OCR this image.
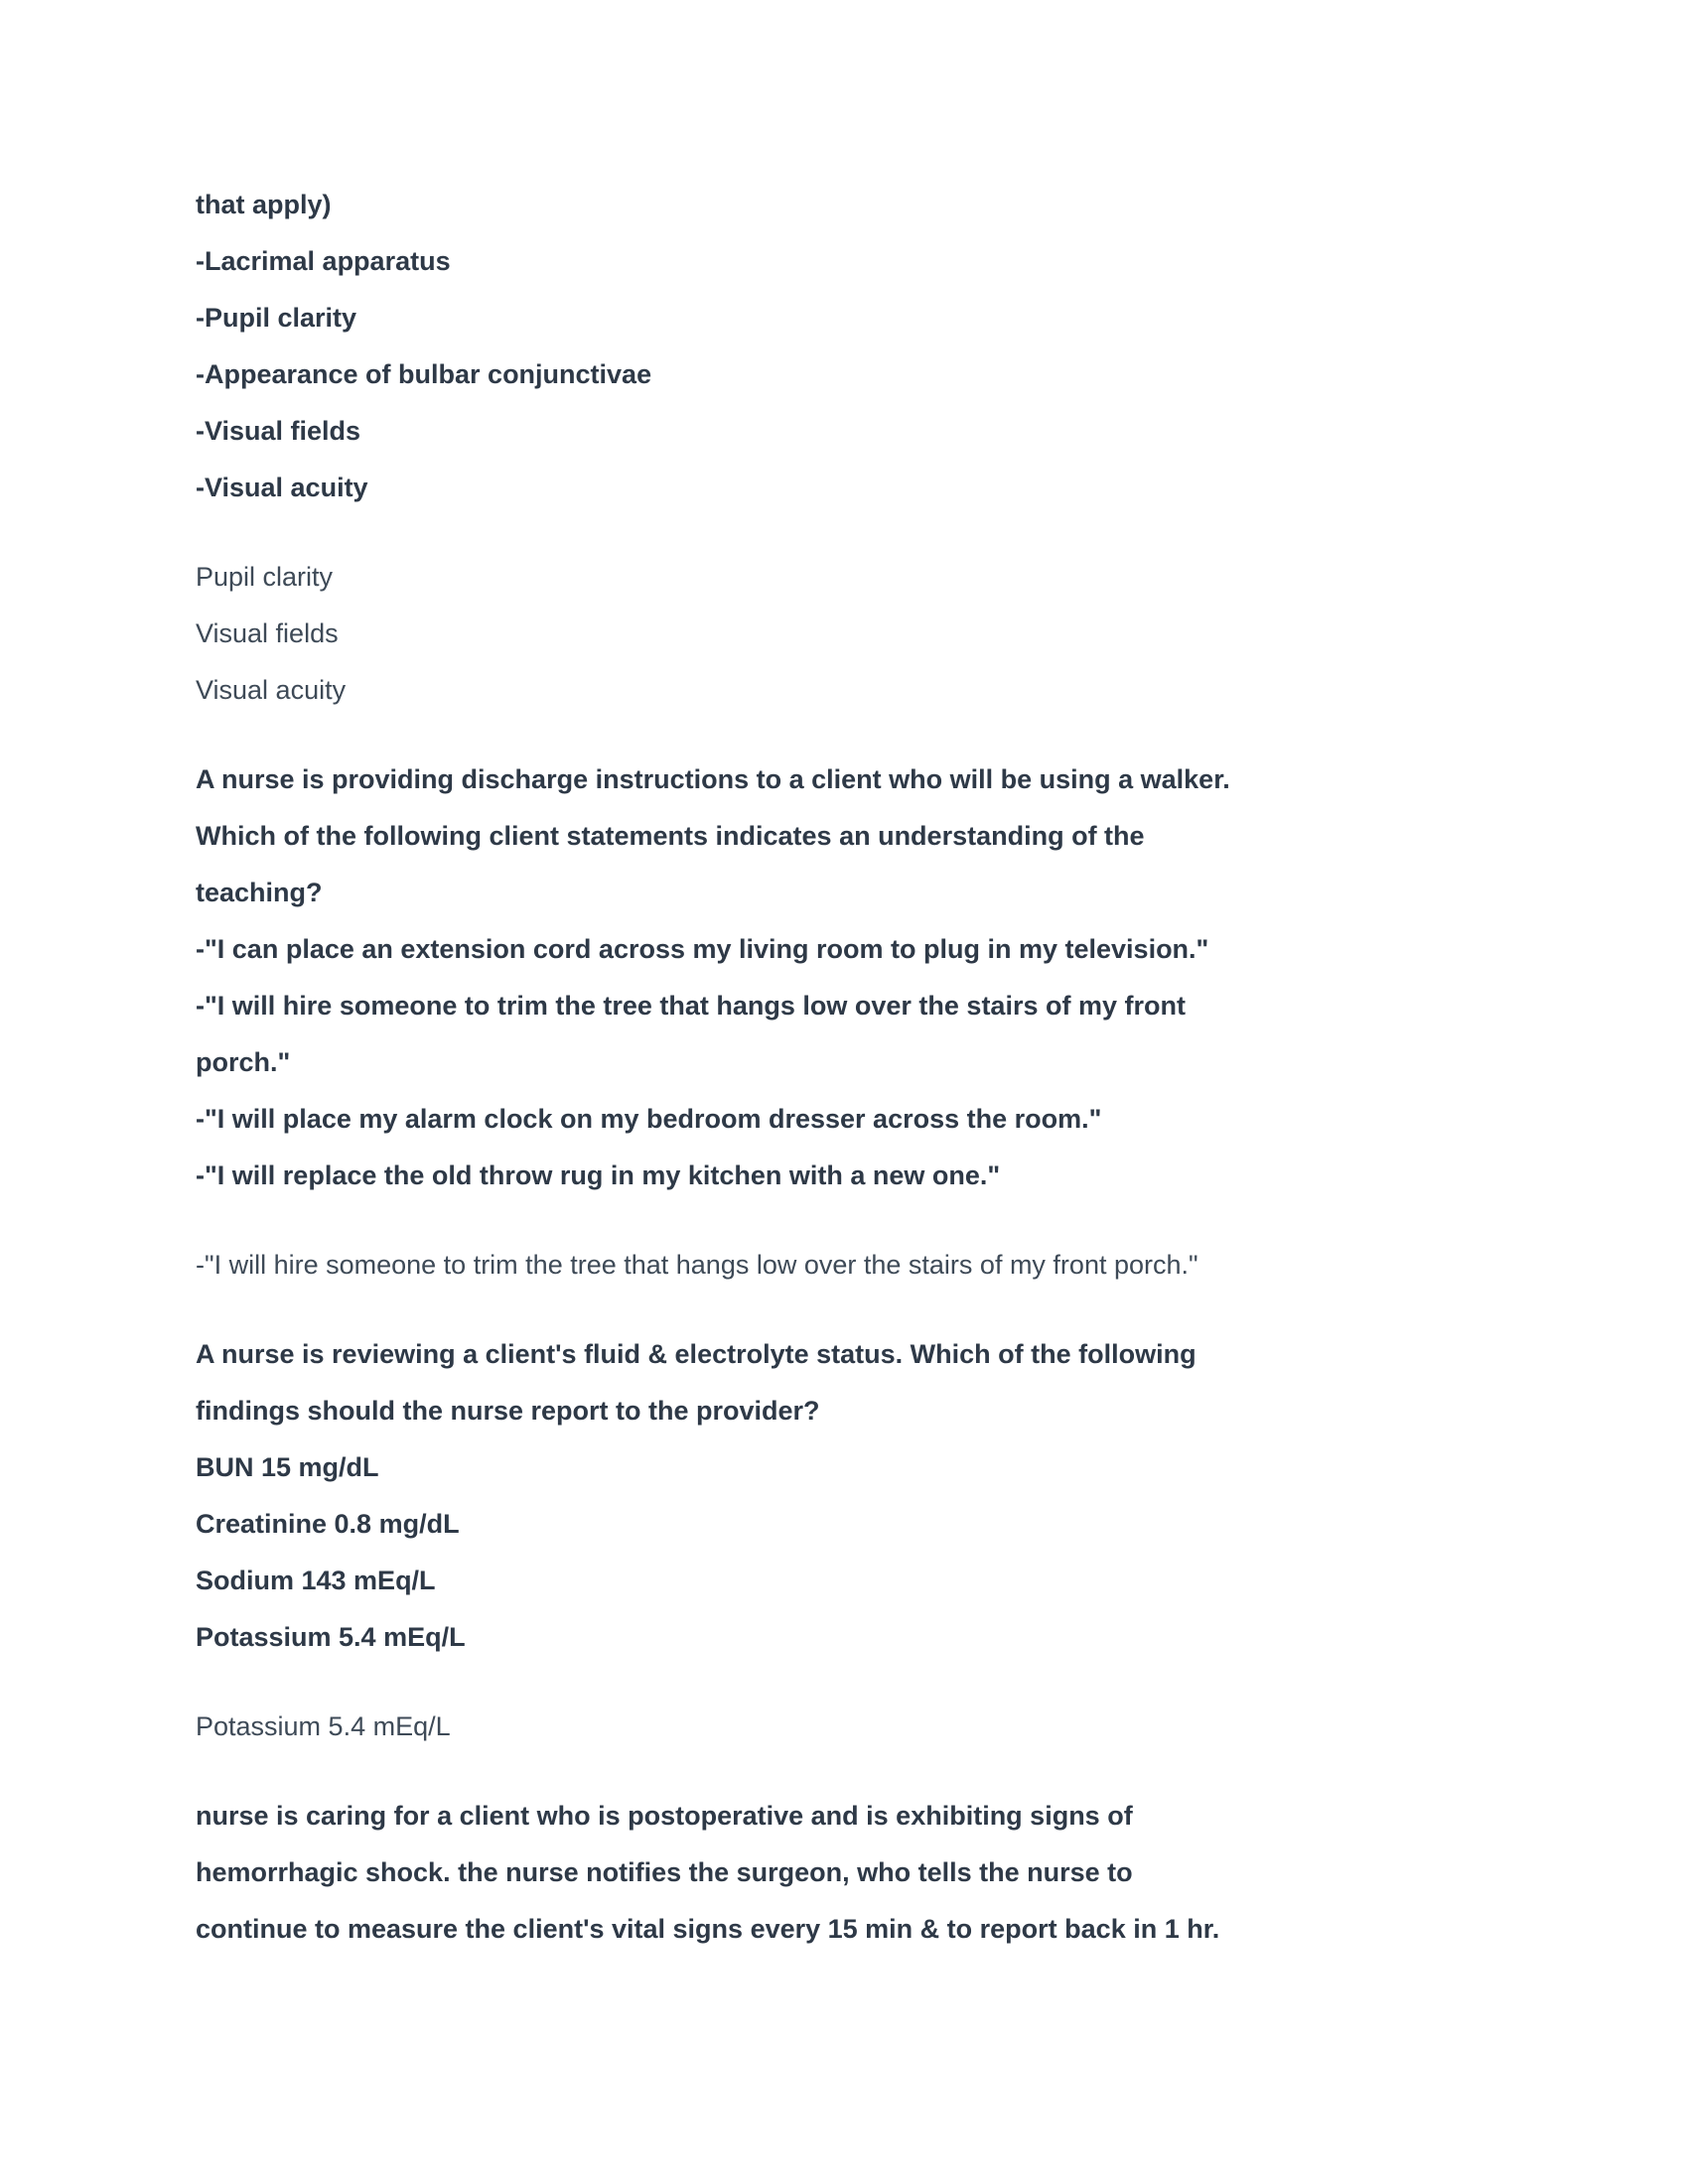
that apply)

-Lacrimal apparatus

-Pupil clarity

-Appearance of bulbar conjunctivae

-Visual fields

-Visual acuity

Pupil clarity

Visual fields

Visual acuity

A nurse is providing discharge instructions to a client who will be using a walker.

Which of the following client statements indicates an understanding of the

teaching?

-"I can place an extension cord across my living room to plug in my television."

-"I will hire someone to trim the tree that hangs low over the stairs of my front

porch."

-"I will place my alarm clock on my bedroom dresser across the room."

-"I will replace the old throw rug in my kitchen with a new one."

-"I will hire someone to trim the tree that hangs low over the stairs of my front porch."

A nurse is reviewing a client's fluid & electrolyte status. Which of the following

findings should the nurse report to the provider?

BUN 15 mg/dL

Creatinine 0.8 mg/dL

Sodium 143 mEq/L

Potassium 5.4 mEq/L

Potassium 5.4 mEq/L

nurse is caring for a client who is postoperative and is exhibiting signs of

hemorrhagic shock. the nurse notifies the surgeon, who tells the nurse to

continue to measure the client's vital signs every 15 min & to report back in 1 hr.
